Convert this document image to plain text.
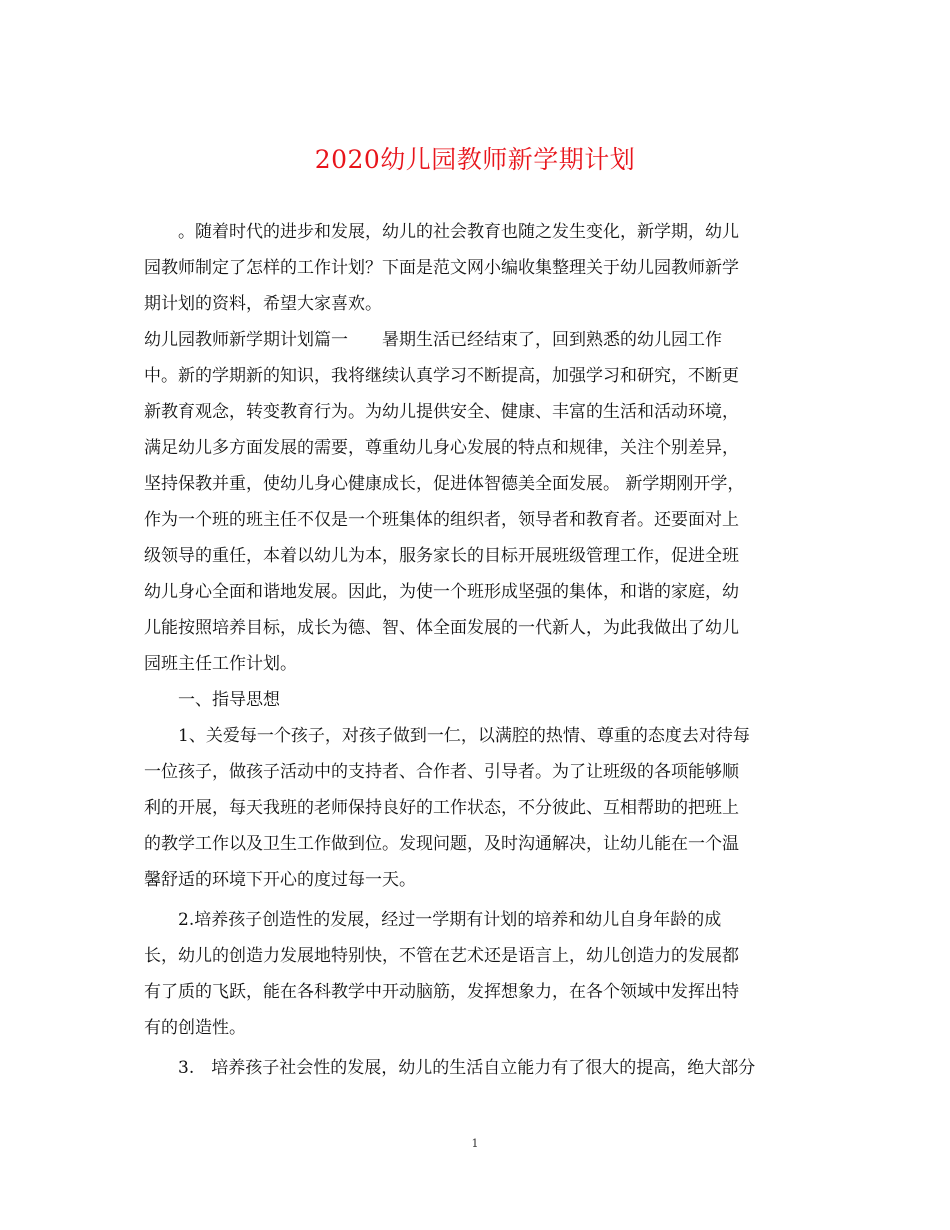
2020幼儿园教师新学期计划
。随着时代的进步和发展，幼儿的社会教育也随之发生变化，新学期，幼儿
园教师制定了怎样的工作计划？下面是范文网小编收集整理关于幼儿园教师新学
期计划的资料，希望大家喜欢。
幼儿园教师新学期计划篇一　　暑期生活已经结束了，回到熟悉的幼儿园工作
中。新的学期新的知识，我将继续认真学习不断提高，加强学习和研究，不断更
新教育观念，转变教育行为。为幼儿提供安全、健康、丰富的生活和活动环境，
满足幼儿多方面发展的需要，尊重幼儿身心发展的特点和规律，关注个别差异，
坚持保教并重，使幼儿身心健康成长，促进体智德美全面发展。 新学期刚开学，
作为一个班的班主任不仅是一个班集体的组织者，领导者和教育者。还要面对上
级领导的重任，本着以幼儿为本，服务家长的目标开展班级管理工作，促进全班
幼儿身心全面和谐地发展。因此，为使一个班形成坚强的集体，和谐的家庭，幼
儿能按照培养目标，成长为德、智、体全面发展的一代新人，为此我做出了幼儿
园班主任工作计划。
一、指导思想
1、关爱每一个孩子，对孩子做到一仁，以满腔的热情、尊重的态度去对待每
一位孩子，做孩子活动中的支持者、合作者、引导者。为了让班级的各项能够顺
利的开展，每天我班的老师保持良好的工作状态，不分彼此、互相帮助的把班上
的教学工作以及卫生工作做到位。发现问题，及时沟通解决，让幼儿能在一个温
馨舒适的环境下开心的度过每一天。
2.培养孩子创造性的发展，经过一学期有计划的培养和幼儿自身年龄的成
长，幼儿的创造力发展地特别快，不管在艺术还是语言上，幼儿创造力的发展都
有了质的飞跃，能在各科教学中开动脑筋，发挥想象力，在各个领域中发挥出特
有的创造性。
3.　培养孩子社会性的发展，幼儿的生活自立能力有了很大的提高，绝大部分
1
